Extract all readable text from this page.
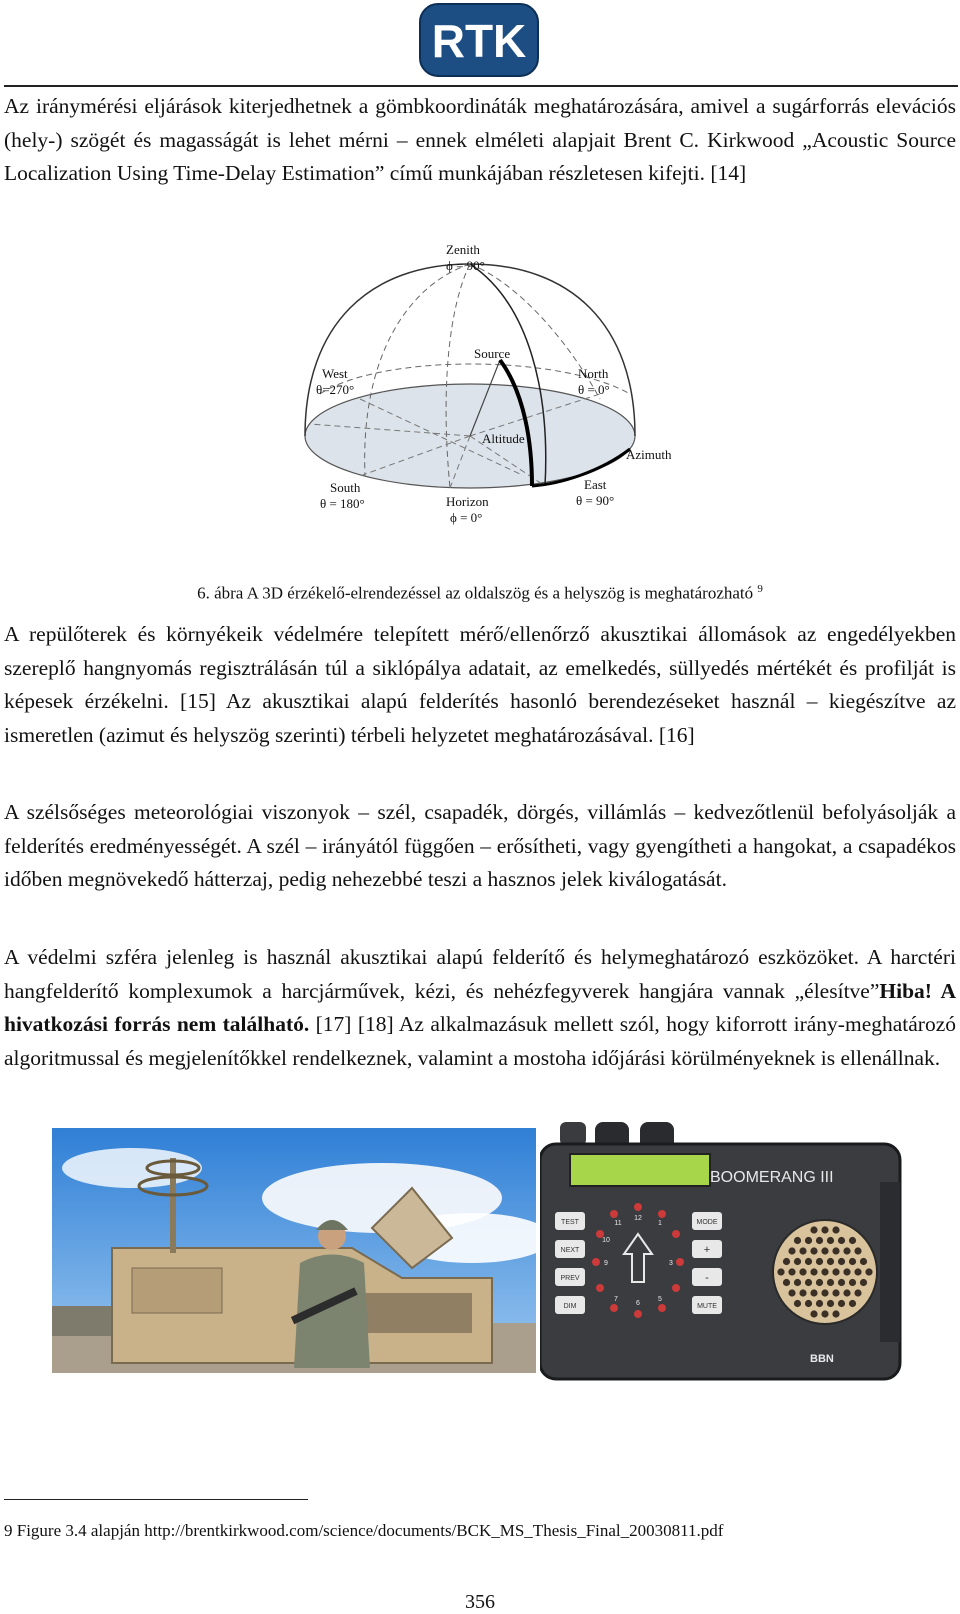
RTK

Az iránymérési eljárások kiterjedhetnek a gömbkoordináták meghatározására, amivel a sugárforrás elevációs (hely-) szögét és magasságát is lehet mérni – ennek elméleti alapjait Brent C. Kirkwood „Acoustic Source Localization Using Time-Delay Estimation” című munkájában részletesen kifejti. [14]

Zenith
ϕ = 90°
Source
West
θ=270°
North
θ = 0°
Altitude
Azimuth
South
θ = 180°	Horizon
ϕ = 0°
East
θ = 90°
6. ábra A 3D érzékelő-elrendezéssel az oldalszög és a helyszög is meghatározható $^9$

A repülőterek és környékeik védelmére telepített mérő/ellenőrző akusztikai állomások az engedélyekben szereplő hangnyomás regisztrálásán túl a siklópálya adatait, az emelkedés, süllyedés mértékét és profilját is képesek érzékelni. [15] Az akusztikai alapú felderítés hasonló berendezéseket használ – kiegészítve az ismeretlen (azimut és helyszög szerinti) térbeli helyzetet meghatározásával. [16]

A szélsőséges meteorológiai viszonyok – szél, csapadék, dörgés, villámlás – kedvezőtlenül befolyásolják a felderítés eredményességét. A szél – irányától függően – erősítheti, vagy gyengítheti a hangokat, a csapadékos időben megnövekedő hátterzaj, pedig nehezebbé teszi a hasznos jelek kiválogatását.

A védelmi szféra jelenleg is használ akusztikai alapú felderítő és helymeghatározó eszközöket. A harctéri hangfelderítő komplexumok a harcjárművek, kézi, és nehézfegyverek hangjára vannak „élesítve”Hiba! A hivatkozási forrás nem található. [17] [18] Az alkalmazásuk mellett szól, hogy kiforrott irány-meghatározó algoritmussal és megjelenítőkkel rendelkeznek, valamint a mostoha időjárási körülményeknek is ellenállnak.

BOOMERANG III
TEST
NEXT
PREV
DIM
MODE
+
-
MUTE
12
1
3
5
6
7
9
10
11
BBN
9 Figure 3.4 alapján http://brentkirkwood.com/science/documents/BCK_MS_Thesis_Final_20030811.pdf
356
